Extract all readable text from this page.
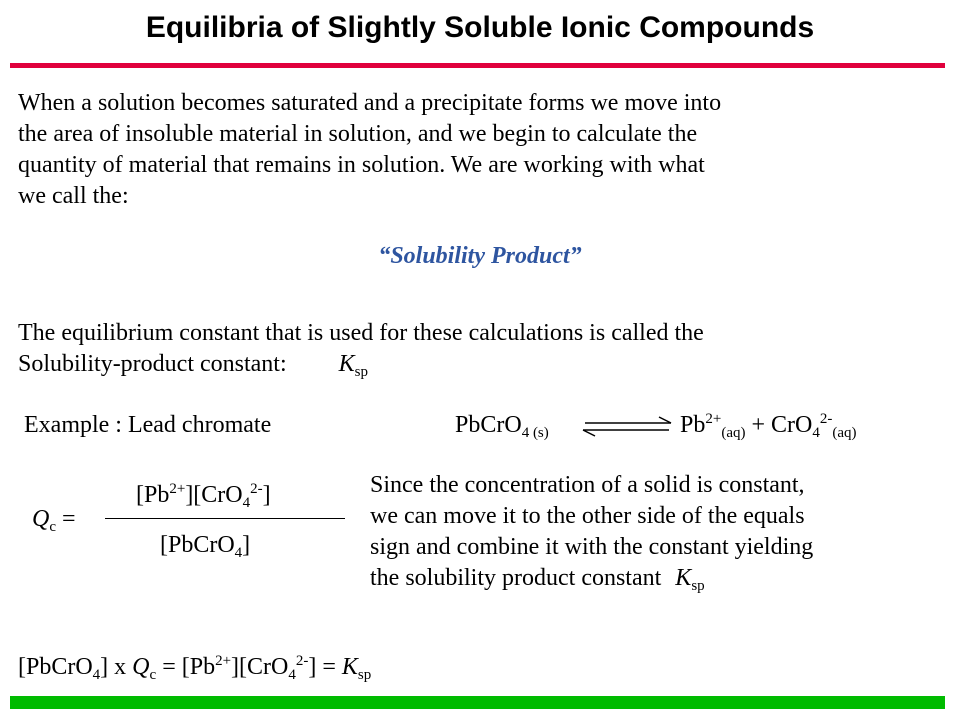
Equilibria of Slightly Soluble Ionic Compounds

When a solution becomes saturated and a precipitate forms we move into
the area of insoluble material in solution, and we begin to calculate the
quantity of material that remains in solution. We are working with what
we call the:

“Solubility Product”

The equilibrium constant that is used for these calculations is called the
Solubility-product constant: $K_{sp}$

Example : Lead chromate	PbCrO$_{4 (s)}$	$Pb^{2+}_{(aq)} + CrO_4^{2-}_{(aq)}$
$Q_c$ =
$[Pb^{2+}][CrO_4^{2-}]$
[PbCrO$_4$]

Since the concentration of a solid is constant,
we can move it to the other side of the equals
sign and combine it with the constant yielding
the solubility product constant $K_{sp}$

[PbCrO$_4$] x $Q_c = [Pb^{2+}][CrO_4^{2-}] = K_{sp}$
